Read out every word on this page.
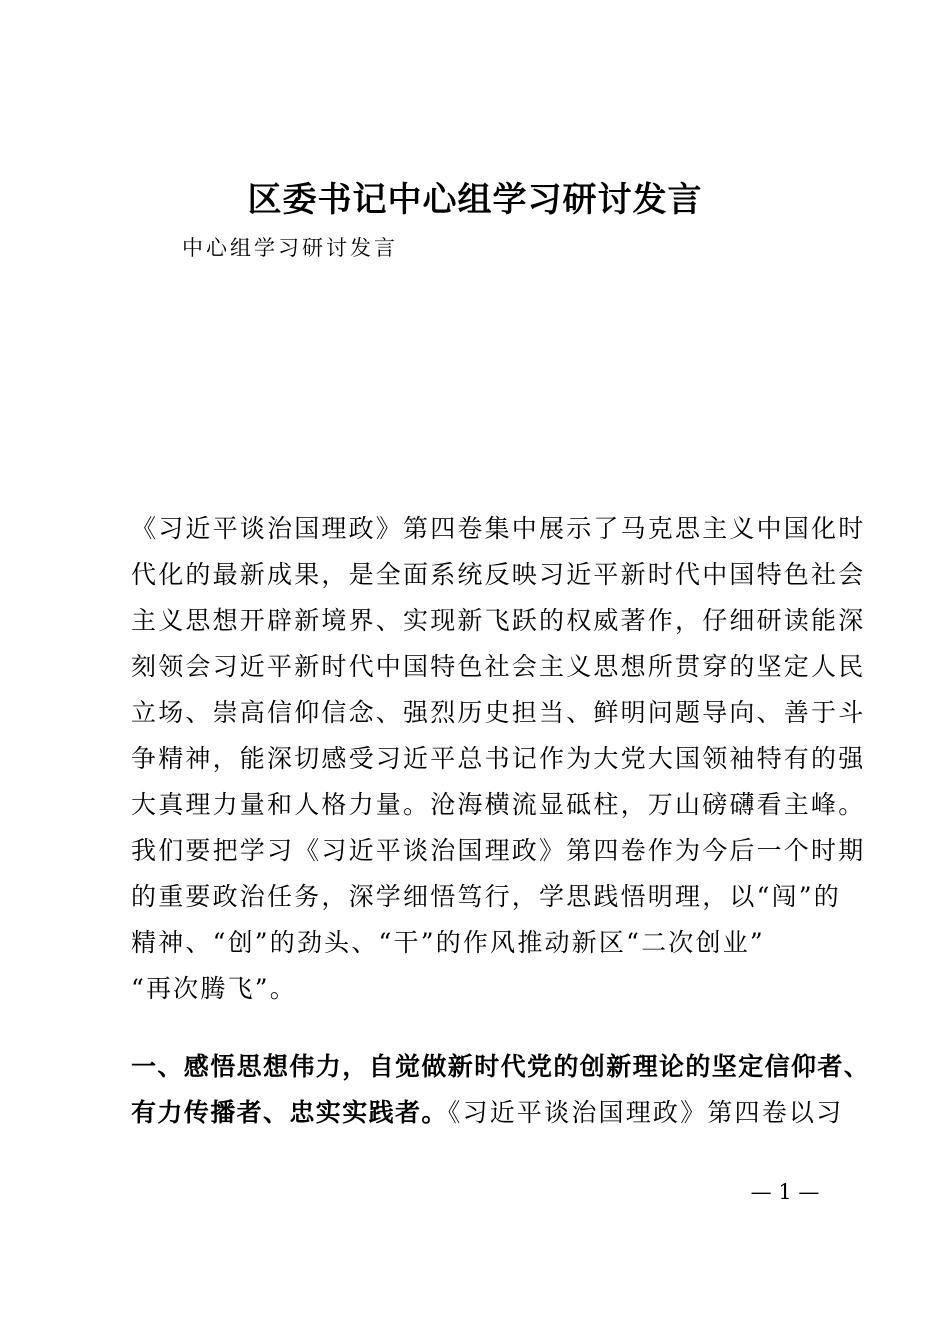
区委书记中心组学习研讨发言
中心组学习研讨发言
《习近平谈治国理政》第四卷集中展示了马克思主义中国化时
代化的最新成果，是全面系统反映习近平新时代中国特色社会
主义思想开辟新境界、实现新飞跃的权威著作，仔细研读能深
刻领会习近平新时代中国特色社会主义思想所贯穿的坚定人民
立场、崇高信仰信念、强烈历史担当、鲜明问题导向、善于斗
争精神，能深切感受习近平总书记作为大党大国领袖特有的强
大真理力量和人格力量。沧海横流显砥柱，万山磅礴看主峰。
我们要把学习《习近平谈治国理政》第四卷作为今后一个时期
的重要政治任务，深学细悟笃行，学思践悟明理，以“闯”的
精神、“创”的劲头、“干”的作风推动新区“二次创业”
“再次腾飞”。
一、感悟思想伟力，自觉做新时代党的创新理论的坚定信仰者、
有力传播者、忠实实践者。《习近平谈治国理政》第四卷以习
— 1 —
